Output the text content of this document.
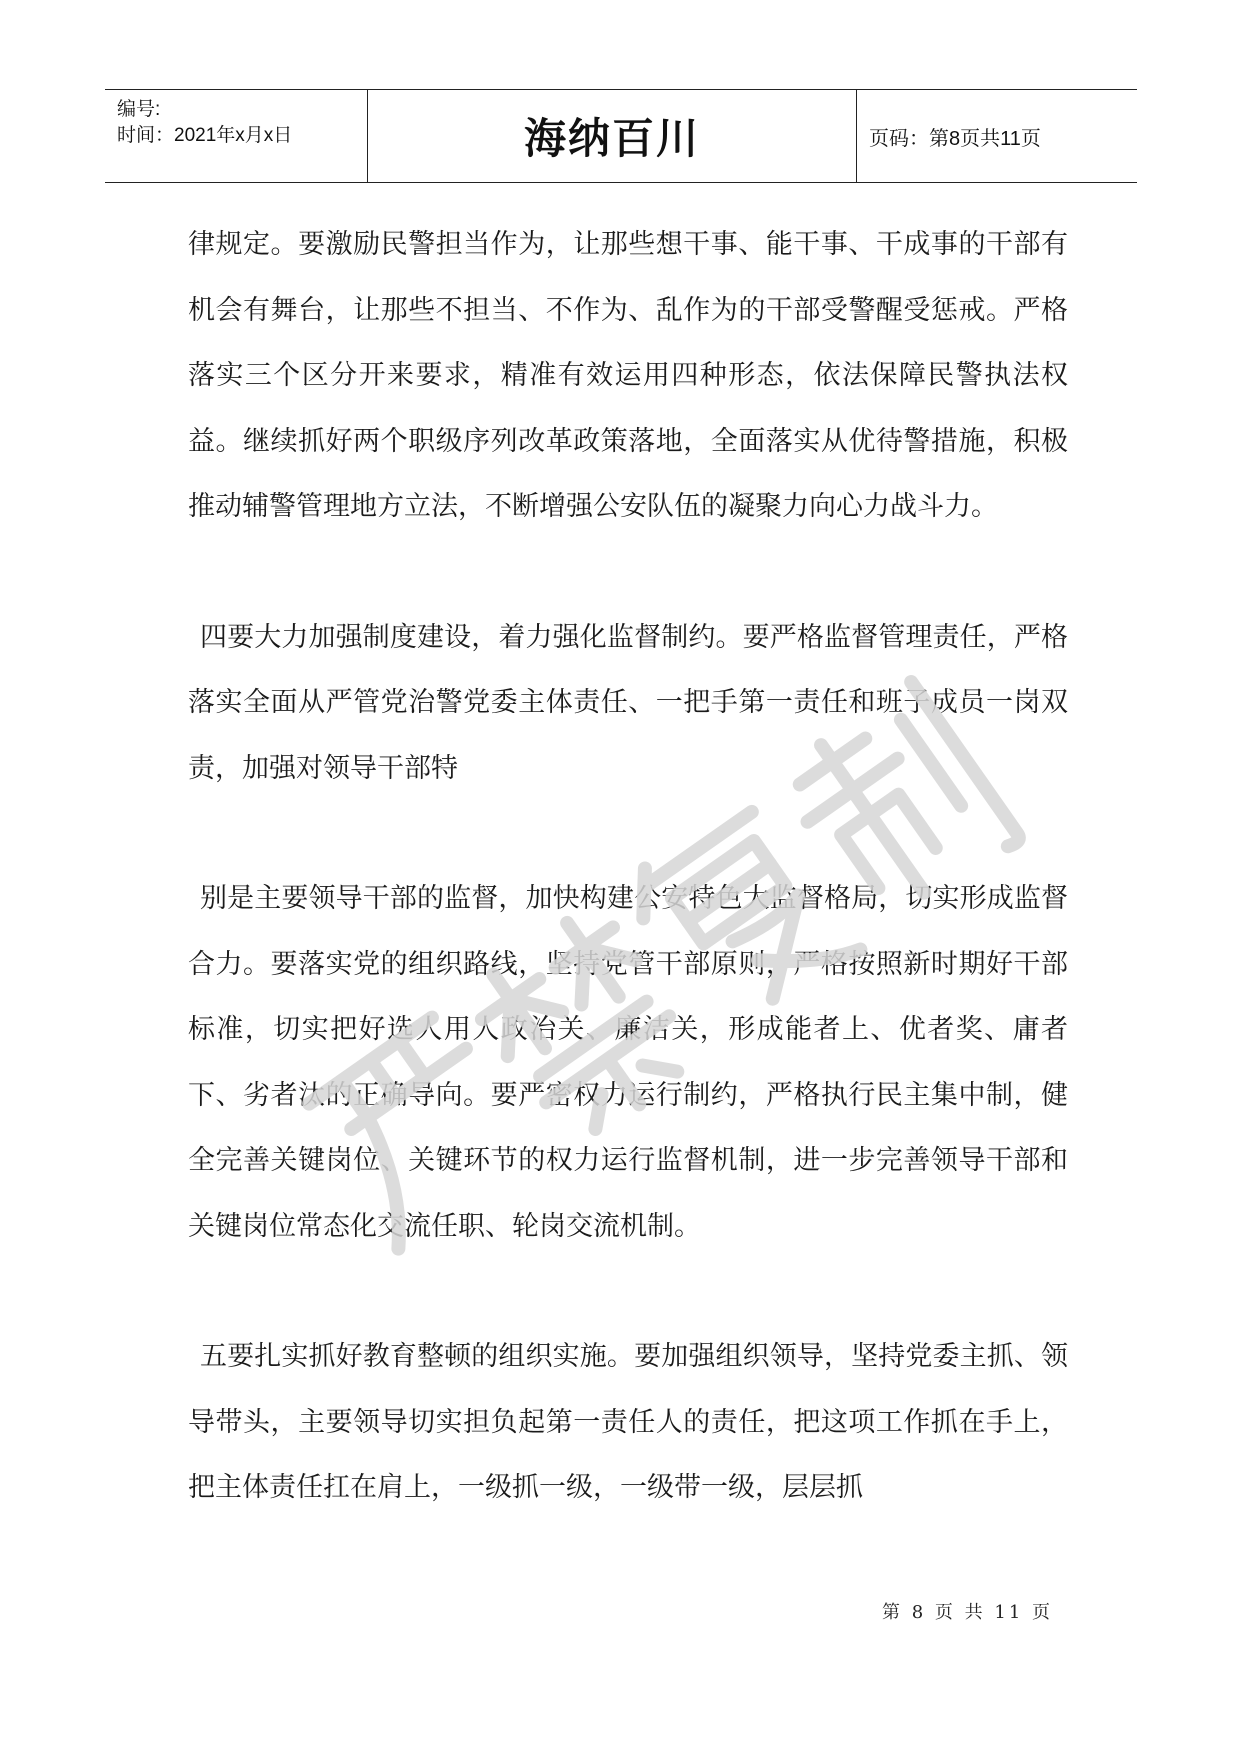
编号:
时间：2021年x月x日	海纳百川	页码：第8页共11页

律规定。要激励民警担当作为，让那些想干事、能干事、干成事的干部有机会有舞台，让那些不担当、不作为、乱作为的干部受警醒受惩戒。严格落实三个区分开来要求，精准有效运用四种形态，依法保障民警执法权益。继续抓好两个职级序列改革政策落地，全面落实从优待警措施，积极推动辅警管理地方立法，不断增强公安队伍的凝聚力向心力战斗力。

四要大力加强制度建设，着力强化监督制约。要严格监督管理责任，严格落实全面从严管党治警党委主体责任、一把手第一责任和班子成员一岗双责，加强对领导干部特

别是主要领导干部的监督，加快构建公安特色大监督格局，切实形成监督合力。要落实党的组织路线，坚持党管干部原则，严格按照新时期好干部标准，切实把好选人用人政治关、廉洁关，形成能者上、优者奖、庸者下、劣者汰的正确导向。要严密权力运行制约，严格执行民主集中制，健全完善关键岗位、关键环节的权力运行监督机制，进一步完善领导干部和关键岗位常态化交流任职、轮岗交流机制。

五要扎实抓好教育整顿的组织实施。要加强组织领导，坚持党委主抓、领导带头，主要领导切实担负起第一责任人的责任，把这项工作抓在手上，把主体责任扛在肩上，一级抓一级，一级带一级，层层抓

第 8 页 共 11 页
